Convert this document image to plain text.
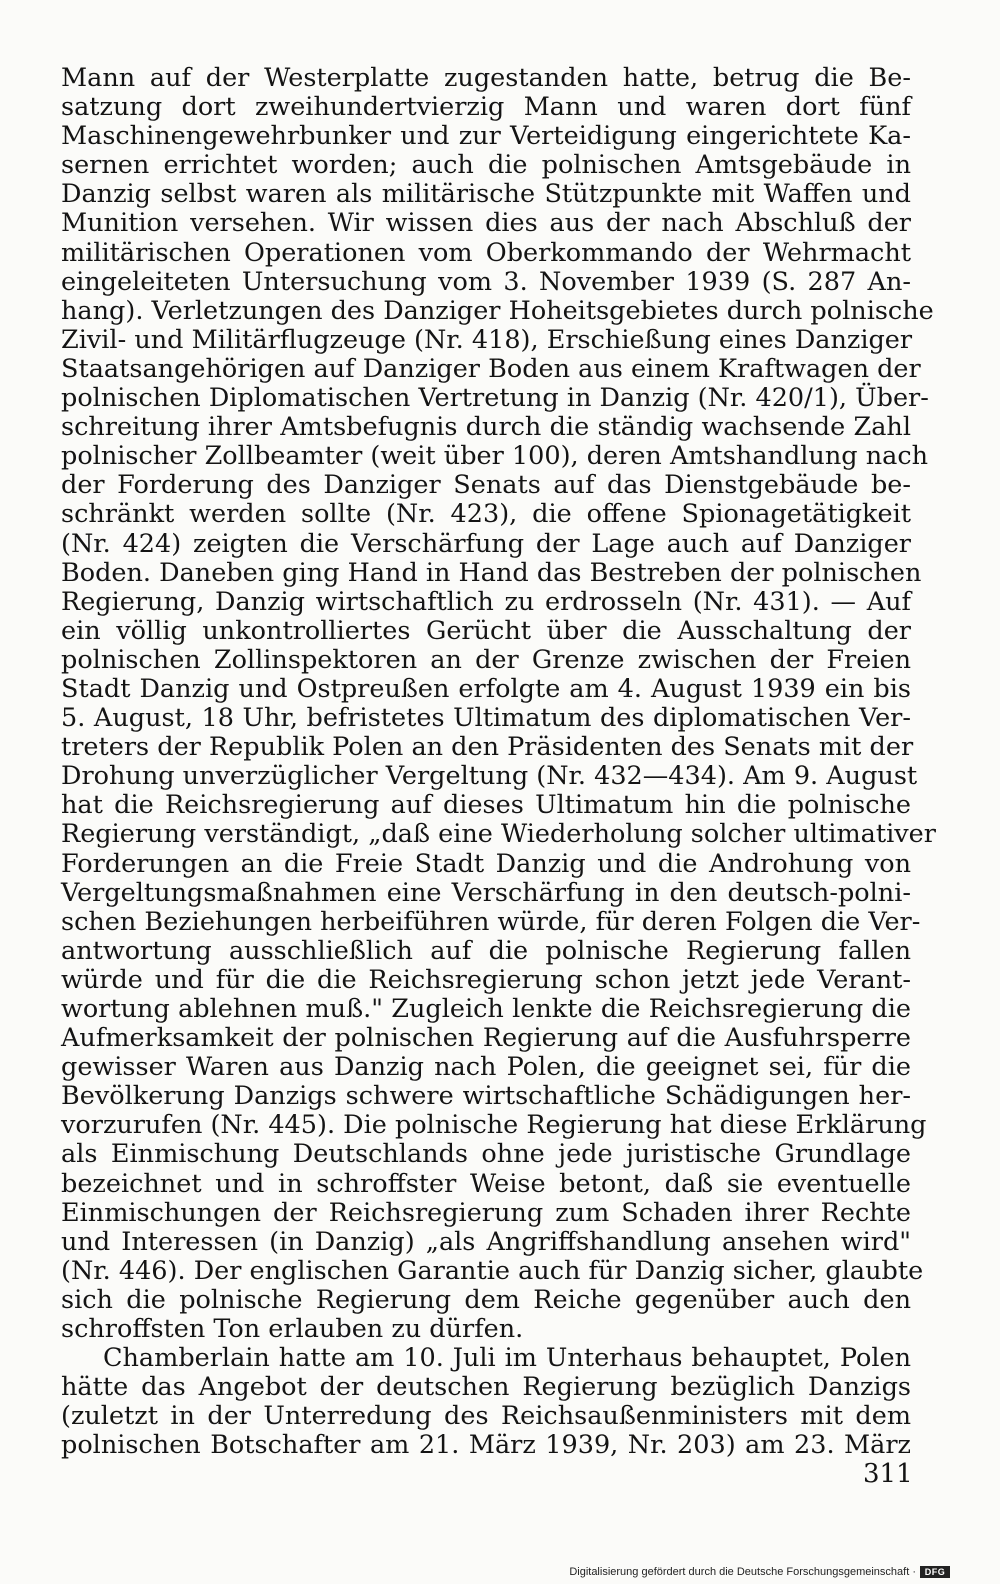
Mann auf der Westerplatte zugestanden hatte, betrug die Be-
satzung dort zweihundertvierzig Mann und waren dort fünf
Maschinengewehrbunker und zur Verteidigung eingerichtete Ka-
sernen errichtet worden; auch die polnischen Amtsgebäude in
Danzig selbst waren als militärische Stützpunkte mit Waffen und
Munition versehen. Wir wissen dies aus der nach Abschluß der
militärischen Operationen vom Oberkommando der Wehrmacht
eingeleiteten Untersuchung vom 3. November 1939 (S. 287 An-
hang). Verletzungen des Danziger Hoheitsgebietes durch polnische
Zivil- und Militärflugzeuge (Nr. 418), Erschießung eines Danziger
Staatsangehörigen auf Danziger Boden aus einem Kraftwagen der
polnischen Diplomatischen Vertretung in Danzig (Nr. 420/1), Über-
schreitung ihrer Amtsbefugnis durch die ständig wachsende Zahl
polnischer Zollbeamter (weit über 100), deren Amtshandlung nach
der Forderung des Danziger Senats auf das Dienstgebäude be-
schränkt werden sollte (Nr. 423), die offene Spionagetätigkeit
(Nr. 424) zeigten die Verschärfung der Lage auch auf Danziger
Boden. Daneben ging Hand in Hand das Bestreben der polnischen
Regierung, Danzig wirtschaftlich zu erdrosseln (Nr. 431). — Auf
ein völlig unkontrolliertes Gerücht über die Ausschaltung der
polnischen Zollinspektoren an der Grenze zwischen der Freien
Stadt Danzig und Ostpreußen erfolgte am 4. August 1939 ein bis
5. August, 18 Uhr, befristetes Ultimatum des diplomatischen Ver-
treters der Republik Polen an den Präsidenten des Senats mit der
Drohung unverzüglicher Vergeltung (Nr. 432—434). Am 9. August
hat die Reichsregierung auf dieses Ultimatum hin die polnische
Regierung verständigt, „daß eine Wiederholung solcher ultimativer
Forderungen an die Freie Stadt Danzig und die Androhung von
Vergeltungsmaßnahmen eine Verschärfung in den deutsch-polni-
schen Beziehungen herbeiführen würde, für deren Folgen die Ver-
antwortung ausschließlich auf die polnische Regierung fallen
würde und für die die Reichsregierung schon jetzt jede Verant-
wortung ablehnen muß." Zugleich lenkte die Reichsregierung die
Aufmerksamkeit der polnischen Regierung auf die Ausfuhrsperre
gewisser Waren aus Danzig nach Polen, die geeignet sei, für die
Bevölkerung Danzigs schwere wirtschaftliche Schädigungen her-
vorzurufen (Nr. 445). Die polnische Regierung hat diese Erklärung
als Einmischung Deutschlands ohne jede juristische Grundlage
bezeichnet und in schroffster Weise betont, daß sie eventuelle
Einmischungen der Reichsregierung zum Schaden ihrer Rechte
und Interessen (in Danzig) „als Angriffshandlung ansehen wird"
(Nr. 446). Der englischen Garantie auch für Danzig sicher, glaubte
sich die polnische Regierung dem Reiche gegenüber auch den
schroffsten Ton erlauben zu dürfen.
Chamberlain hatte am 10. Juli im Unterhaus behauptet, Polen
hätte das Angebot der deutschen Regierung bezüglich Danzigs
(zuletzt in der Unterredung des Reichsaußenministers mit dem
polnischen Botschafter am 21. März 1939, Nr. 203) am 23. März
311
Digitalisierung gefördert durch die Deutsche Forschungsgemeinschaft · DFG
